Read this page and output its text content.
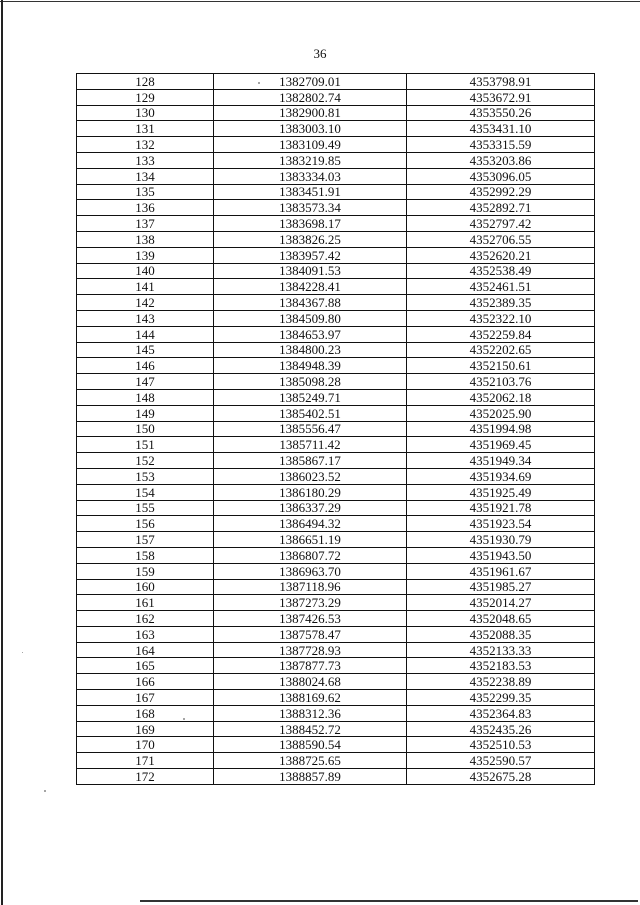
36
128	1382709.01	4353798.91
129	1382802.74	4353672.91
130	1382900.81	4353550.26
131	1383003.10	4353431.10
132	1383109.49	4353315.59
133	1383219.85	4353203.86
134	1383334.03	4353096.05
135	1383451.91	4352992.29
136	1383573.34	4352892.71
137	1383698.17	4352797.42
138	1383826.25	4352706.55
139	1383957.42	4352620.21
140	1384091.53	4352538.49
141	1384228.41	4352461.51
142	1384367.88	4352389.35
143	1384509.80	4352322.10
144	1384653.97	4352259.84
145	1384800.23	4352202.65
146	1384948.39	4352150.61
147	1385098.28	4352103.76
148	1385249.71	4352062.18
149	1385402.51	4352025.90
150	1385556.47	4351994.98
151	1385711.42	4351969.45
152	1385867.17	4351949.34
153	1386023.52	4351934.69
154	1386180.29	4351925.49
155	1386337.29	4351921.78
156	1386494.32	4351923.54
157	1386651.19	4351930.79
158	1386807.72	4351943.50
159	1386963.70	4351961.67
160	1387118.96	4351985.27
161	1387273.29	4352014.27
162	1387426.53	4352048.65
163	1387578.47	4352088.35
164	1387728.93	4352133.33
165	1387877.73	4352183.53
166	1388024.68	4352238.89
167	1388169.62	4352299.35
168	1388312.36	4352364.83
169	1388452.72	4352435.26
170	1388590.54	4352510.53
171	1388725.65	4352590.57
172	1388857.89	4352675.28
